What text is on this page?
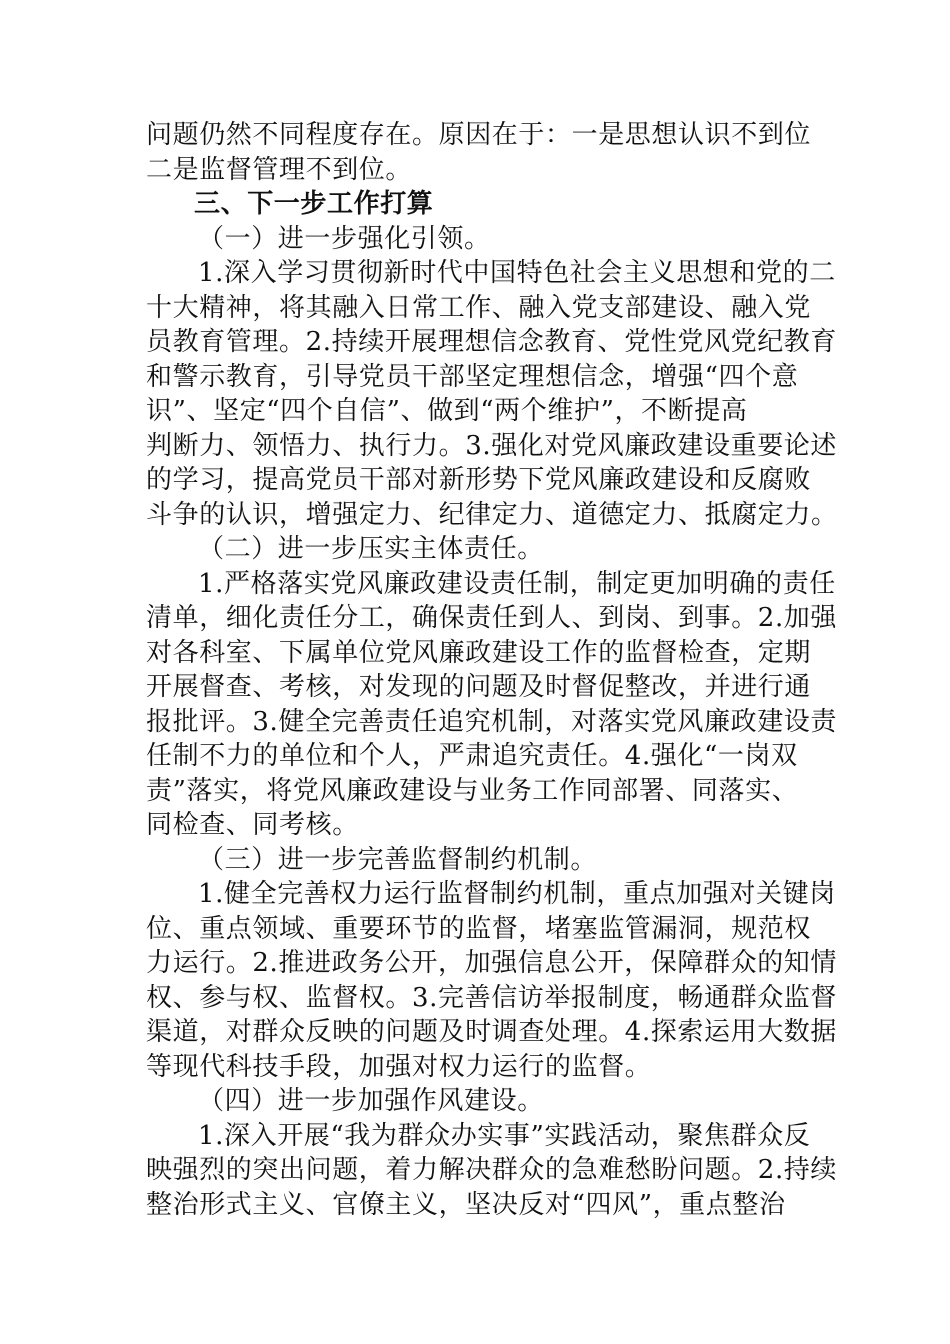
问题仍然不同程度存在。原因在于：一是思想认识不到位
二是监督管理不到位。
三、下一步工作打算
（一）进一步强化引领。
1.深入学习贯彻新时代中国特色社会主义思想和党的二
十大精神，将其融入日常工作、融入党支部建设、融入党
员教育管理。2.持续开展理想信念教育、党性党风党纪教育
和警示教育，引导党员干部坚定理想信念，增强“四个意
识”、坚定“四个自信”、做到“两个维护”，不断提高
判断力、领悟力、执行力。3.强化对党风廉政建设重要论述
的学习，提高党员干部对新形势下党风廉政建设和反腐败
斗争的认识，增强定力、纪律定力、道德定力、抵腐定力。
（二）进一步压实主体责任。
1.严格落实党风廉政建设责任制，制定更加明确的责任
清单，细化责任分工，确保责任到人、到岗、到事。2.加强
对各科室、下属单位党风廉政建设工作的监督检查，定期
开展督查、考核，对发现的问题及时督促整改，并进行通
报批评。3.健全完善责任追究机制，对落实党风廉政建设责
任制不力的单位和个人，严肃追究责任。4.强化“一岗双
责”落实，将党风廉政建设与业务工作同部署、同落实、
同检查、同考核。
（三）进一步完善监督制约机制。
1.健全完善权力运行监督制约机制，重点加强对关键岗
位、重点领域、重要环节的监督，堵塞监管漏洞，规范权
力运行。2.推进政务公开，加强信息公开，保障群众的知情
权、参与权、监督权。3.完善信访举报制度，畅通群众监督
渠道，对群众反映的问题及时调查处理。4.探索运用大数据
等现代科技手段，加强对权力运行的监督。
（四）进一步加强作风建设。
1.深入开展“我为群众办实事”实践活动，聚焦群众反
映强烈的突出问题，着力解决群众的急难愁盼问题。2.持续
整治形式主义、官僚主义，坚决反对“四风”，重点整治
